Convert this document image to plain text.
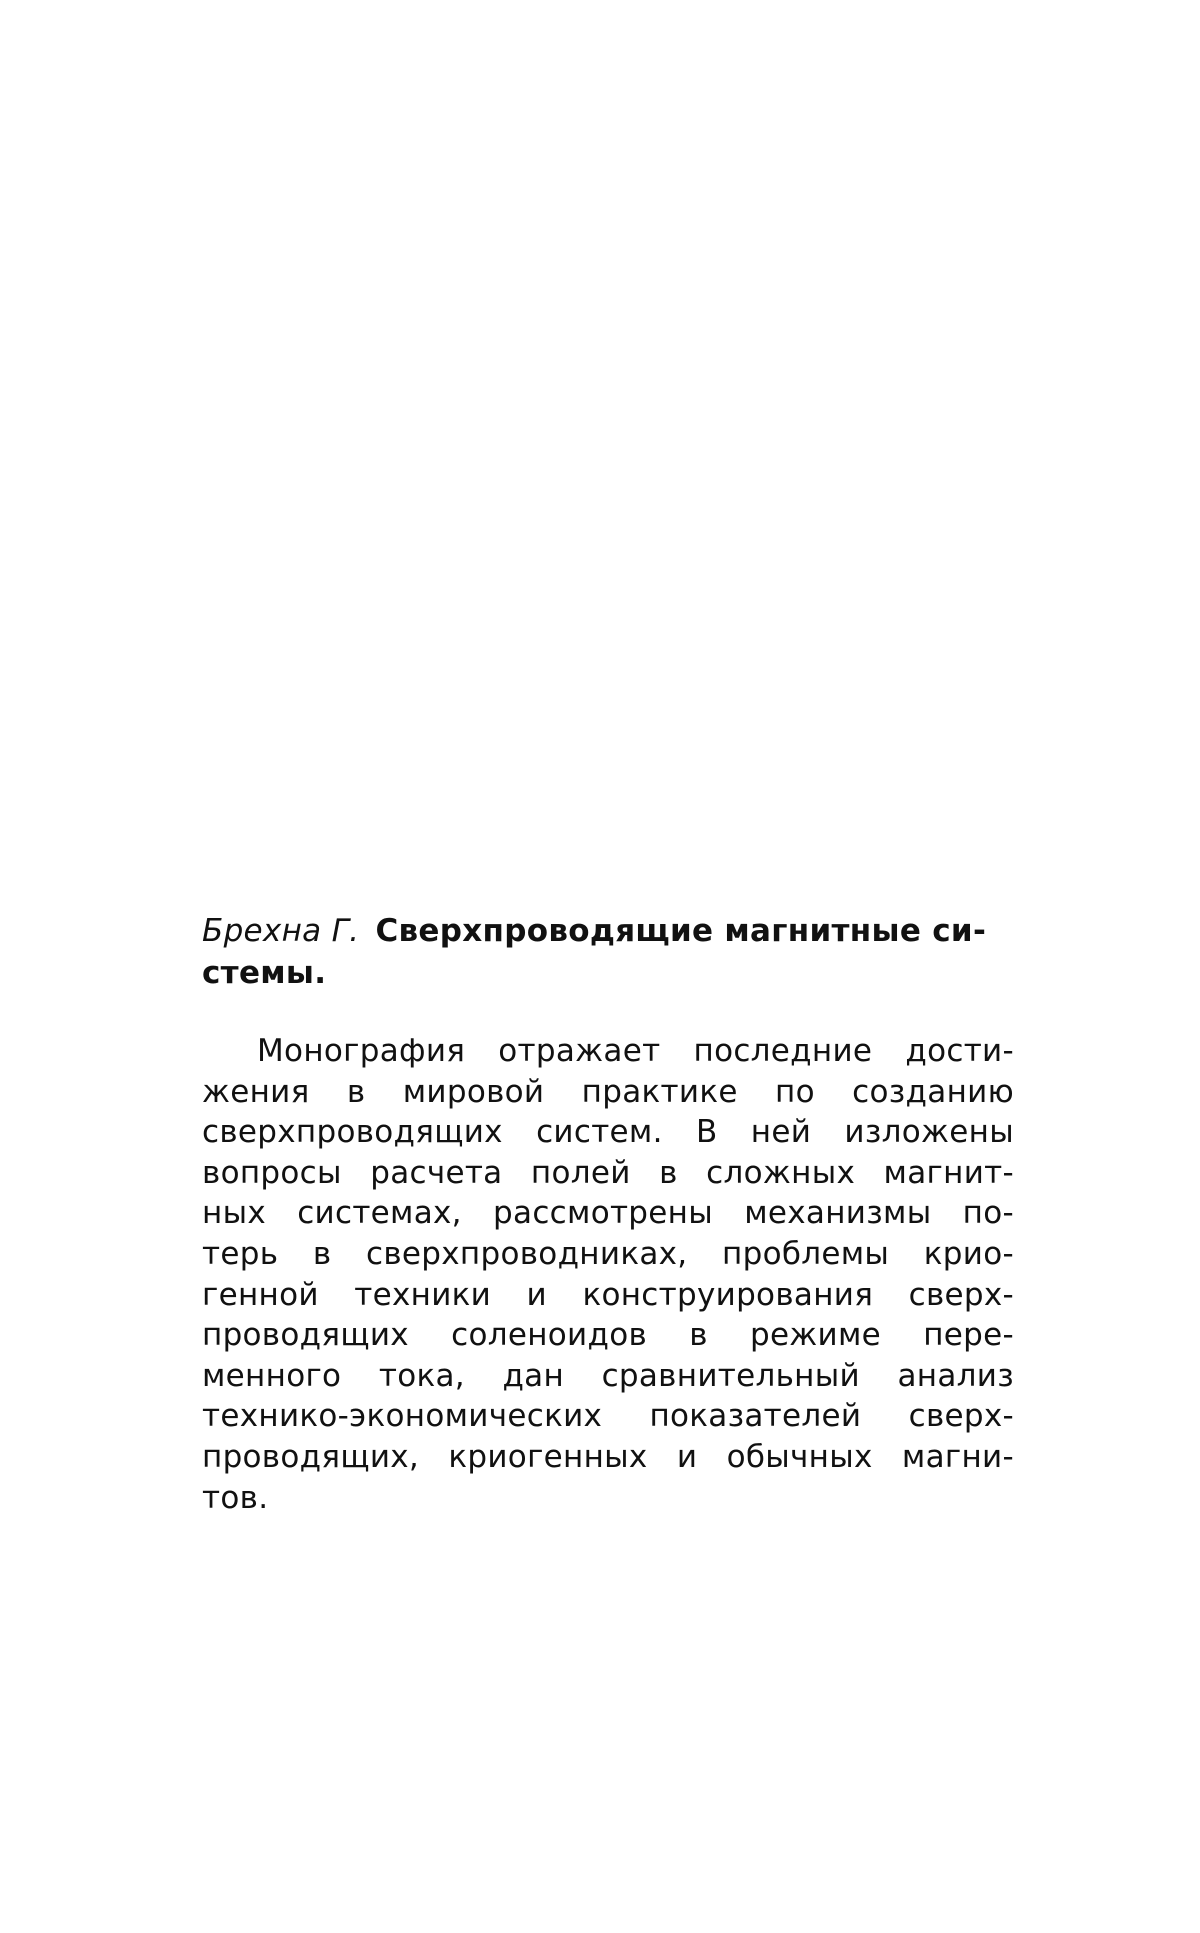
Брехна Г. Сверхпроводящие магнитные си-
стемы.

Монография отражает последние дости-
жения в мировой практике по созданию
сверхпроводящих систем. В ней изложены
вопросы расчета полей в сложных магнит-
ных системах, рассмотрены механизмы по-
терь в сверхпроводниках, проблемы крио-
генной техники и конструирования сверх-
проводящих соленоидов в режиме пере-
менного тока, дан сравнительный анализ
технико-экономических показателей сверх-
проводящих, криогенных и обычных магни-
тов.
